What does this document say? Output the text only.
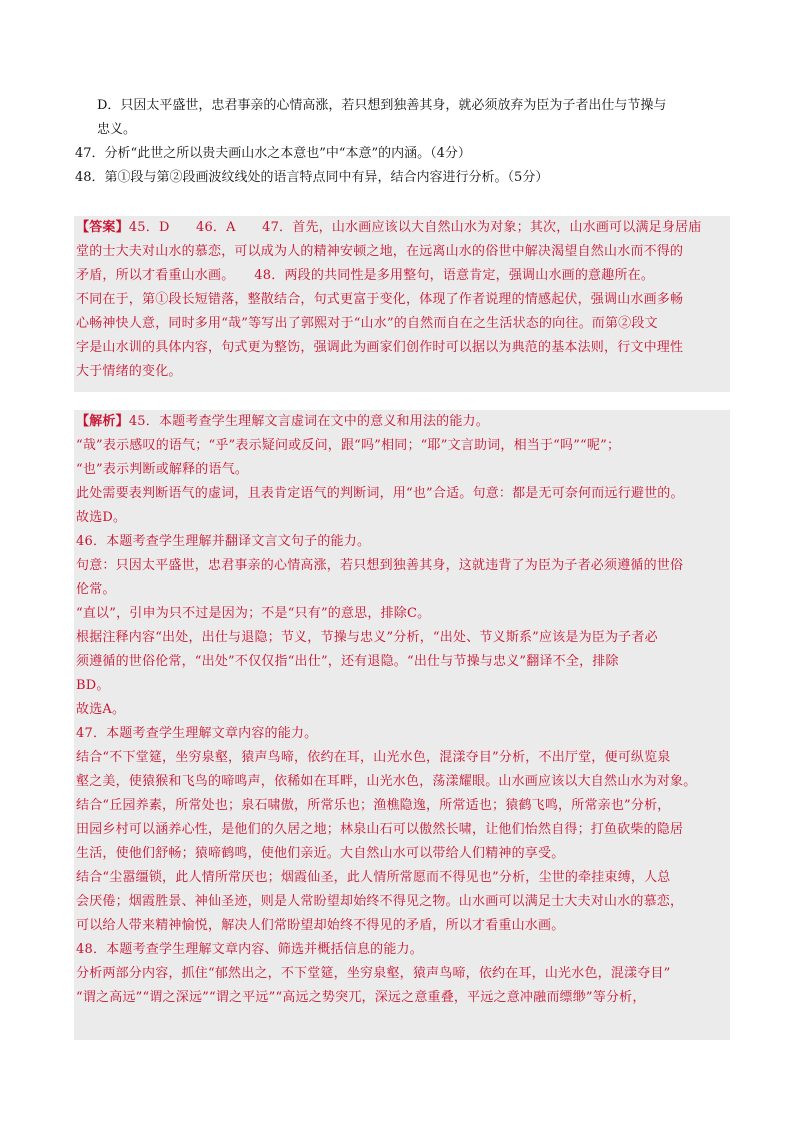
D．只因太平盛世，忠君事亲的心情高涨，若只想到独善其身，就必须放弃为臣为子者出仕与节操与
忠义。
47．分析“此世之所以贵夫画山水之本意也”中“本意”的内涵。（4分）
48．第①段与第②段画波纹线处的语言特点同中有异，结合内容进行分析。（5分）

【答案】45．D　　46．A　　47．首先，山水画应该以大自然山水为对象；其次，山水画可以满足身居庙

堂的士大夫对山水的慕恋，可以成为人的精神安顿之地，在远离山水的俗世中解决渴望自然山水而不得的

矛盾，所以才看重山水画。　　48．两段的共同性是多用整句，语意肯定，强调山水画的意趣所在。

不同在于，第①段长短错落，整散结合，句式更富于变化，体现了作者说理的情感起伏，强调山水画多畅

心畅神快人意，同时多用“哉”等写出了郭熙对于“山水”的自然而自在之生活状态的向往。而第②段文

字是山水训的具体内容，句式更为整饬，强调此为画家们创作时可以据以为典范的基本法则，行文中理性

大于情绪的变化。

【解析】45．本题考查学生理解文言虚词在文中的意义和用法的能力。

“哉”表示感叹的语气；“乎”表示疑问或反问，跟“吗”相同；“耶”文言助词，相当于“吗”“呢”；

“也”表示判断或解释的语气。

此处需要表判断语气的虚词，且表肯定语气的判断词，用“也”合适。句意：都是无可奈何而远行避世的。

故选D。

46．本题考查学生理解并翻译文言文句子的能力。

句意：只因太平盛世，忠君事亲的心情高涨，若只想到独善其身，这就违背了为臣为子者必须遵循的世俗

伦常。

“直以”，引申为只不过是因为；不是“只有”的意思，排除C。

根据注释内容“出处，出仕与退隐；节义，节操与忠义”分析，“出处、节义斯系”应该是为臣为子者必

须遵循的世俗伦常，“出处”不仅仅指“出仕”，还有退隐。“出仕与节操与忠义”翻译不全，排除

BD。

故选A。

47．本题考查学生理解文章内容的能力。

结合“不下堂筵，坐穷泉壑，猿声鸟啼，依约在耳，山光水色，混漾夺目”分析，不出厅堂，便可纵览泉

壑之美，使猿猴和飞鸟的啼鸣声，依稀如在耳畔，山光水色，荡漾耀眼。山水画应该以大自然山水为对象。

结合“丘园养素，所常处也；泉石啸傲，所常乐也；渔樵隐逸，所常适也；猿鹤飞鸣，所常亲也”分析，

田园乡村可以涵养心性，是他们的久居之地；林泉山石可以傲然长啸，让他们怡然自得；打鱼砍柴的隐居

生活，使他们舒畅；猿啼鹤鸣，使他们亲近。大自然山水可以带给人们精神的享受。

结合“尘嚣缰锁，此人情所常厌也；烟霞仙圣，此人情所常愿而不得见也”分析，尘世的牵挂束缚，人总

会厌倦；烟霞胜景、神仙圣迹，则是人常盼望却始终不得见之物。山水画可以满足士大夫对山水的慕恋，

可以给人带来精神愉悦，解决人们常盼望却始终不得见的矛盾，所以才看重山水画。

48．本题考查学生理解文章内容、筛选并概括信息的能力。

分析两部分内容，抓住“郁然出之，不下堂筵，坐穷泉壑，猿声鸟啼，依约在耳，山光水色，混漾夺目”

“谓之高远”“谓之深远”“谓之平远”“高远之势突兀，深远之意重叠，平远之意冲融而缥缈”等分析，
